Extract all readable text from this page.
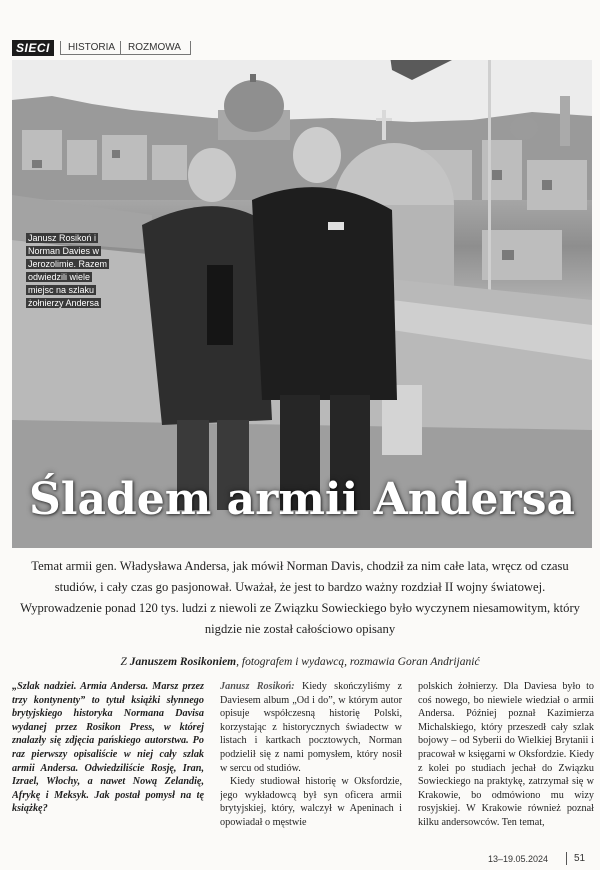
SIECI	HISTORIA ROZMOWA
Janusz Rosikoń i Norman Davies w Jerozolimie. Razem odwiedzili wiele miejsc na szlaku żołnierzy Andersa
Śladem armii Andersa
Temat armii gen. Władysława Andersa, jak mówił Norman Davis, chodził za nim całe lata, wręcz od czasu studiów, i cały czas go pasjonował. Uważał, że jest to bardzo ważny rozdział II wojny światowej. Wyprowadzenie ponad 120 tys. ludzi z niewoli ze Związku Sowieckiego było wyczynem niesamowitym, który nigdzie nie został całościowo opisany
Z Januszem Rosikoniem, fotografem i wydawcą, rozmawia Goran Andrijanić

„Szlak nadziei. Armia Andersa. Marsz przez trzy kontynenty” to tytuł książki słynnego brytyjskiego historyka Normana Davisa wydanej przez Rosikon Press, w której znalazły się zdjęcia pańskiego autorstwa. Po raz pierwszy opisaliście w niej cały szlak armii Andersa. Odwiedziliście Rosję, Iran, Izrael, Włochy, a nawet Nową Zelandię, Afrykę i Meksyk. Jak postał pomysł na tę książkę?

Janusz Rosikoń: Kiedy skończyliśmy z Daviesem album „Od i do”, w którym autor opisuje współczesną historię Polski, korzystając z historycznych świadectw w listach i kartkach pocztowych, Norman podzielił się z nami pomysłem, który nosił w sercu od studiów.

Kiedy studiował historię w Oksfordzie, jego wykładowcą był syn oficera armii brytyjskiej, który, walczył w Apeninach i opowiadał o męstwie

polskich żołnierzy. Dla Daviesa było to coś nowego, bo niewiele wiedział o armii Andersa. Później poznał Kazimierza Michalskiego, który przeszedł cały szlak bojowy – od Syberii do Wielkiej Brytanii i pracował w księgarni w Oksfordzie. Kiedy z kolei po studiach jechał do Związku Sowieckiego na praktykę, zatrzymał się w Krakowie, bo odmówiono mu wizy rosyjskiej. W Krakowie również poznał kilku andersowców. Ten temat,

13–19.05.2024	51
